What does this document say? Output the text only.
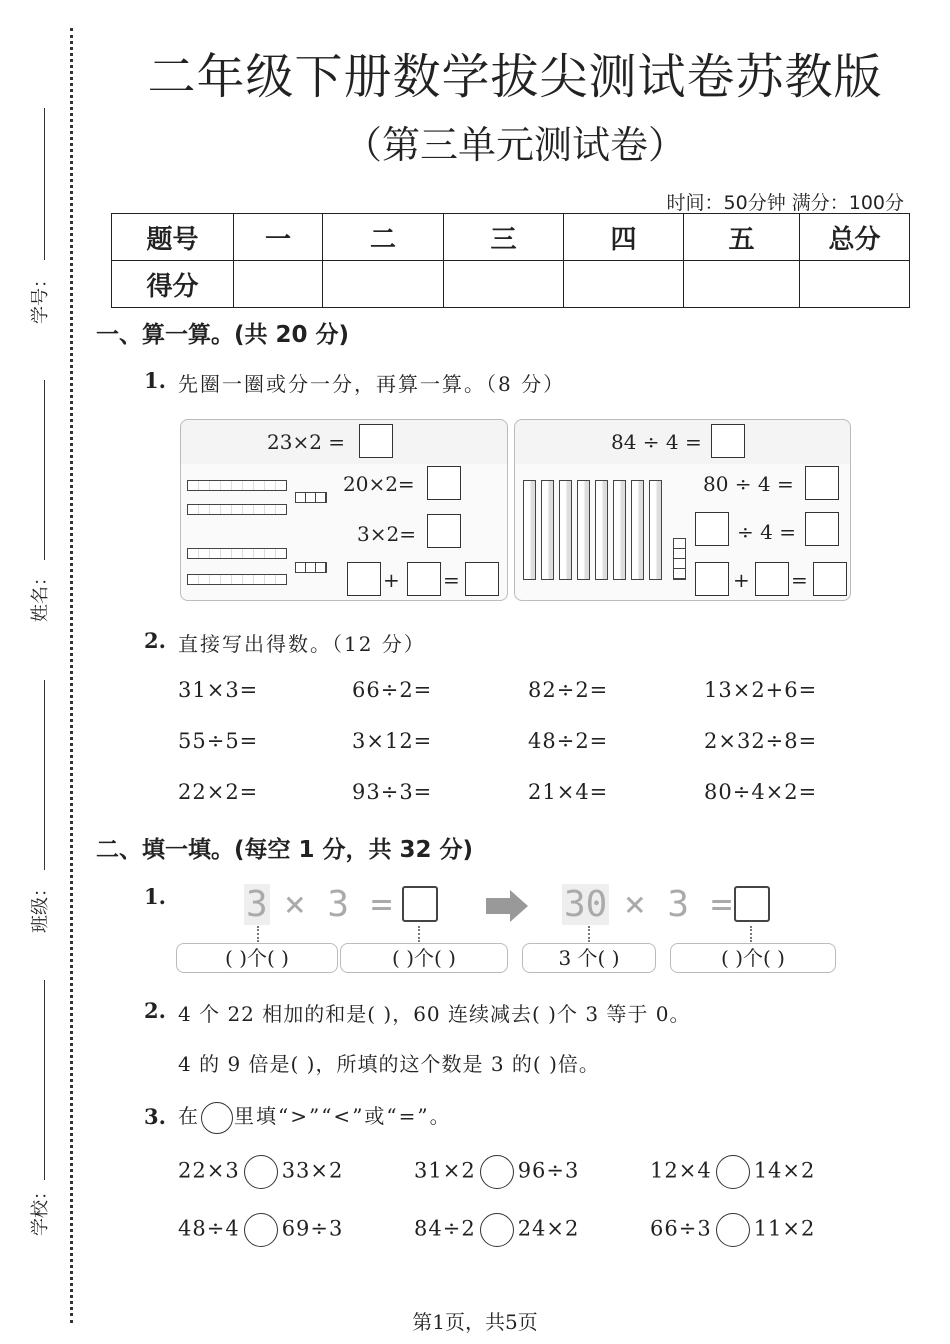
学号：
姓名：
班级：
学校：
二年级下册数学拔尖测试卷苏教版
（第三单元测试卷）
时间：50分钟 满分：100分
题号	一	二	三	四	五	总分
得分						
一、算一算。(共 20 分)
1. 先圈一圈或分一分，再算一算。（8 分）
23×2 =
20×2=
3×2=
+ =
84 ÷ 4 =
80 ÷ 4 =
÷ 4 =
+ =
2. 直接写出得数。（12 分）
31×3=	66÷2=	82÷2=	13×2+6=
55÷5=	3×12=	48÷2=	2×32÷8=
22×2=	93÷3=	21×4=	80÷4×2=
二、填一填。(每空 1 分，共 32 分)
1. 3 × 3 =	30 × 3 =
( )个( )	( )个( )	3 个( )	( )个( )
2. 4 个 22 相加的和是( )，60 连续减去( )个 3 等于 0。
4 的 9 倍是( )，所填的这个数是 3 的( )倍。
3. 在 里填“>”“<”或“=”。
22×3 33×2	31×2 96÷3	12×4 14×2
48÷4 69÷3	84÷2 24×2	66÷3 11×2
第1页，共5页
